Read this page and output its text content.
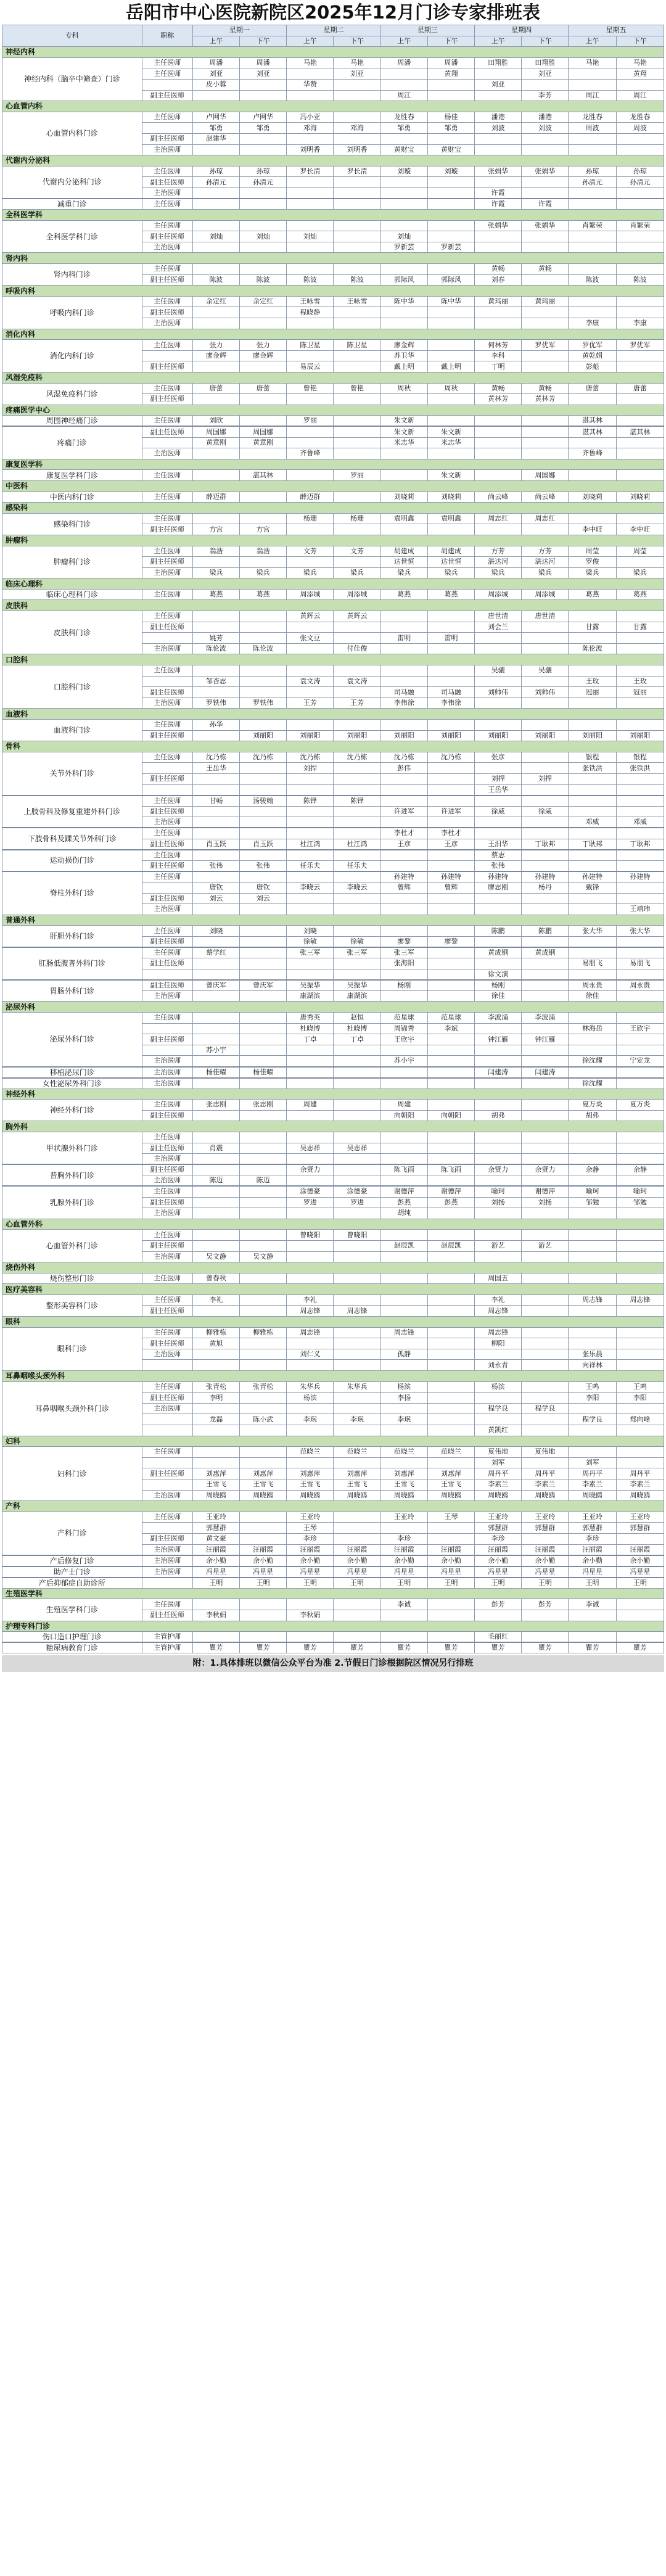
岳阳市中心医院新院区2025年12月门诊专家排班表
专科	职称	星期一		星期二		星期三		星期四		星期五	
		上午	下午	上午	下午	上午	下午	上午	下午	上午	下午
神经内科											
神经内科（脑卒中筛查）门诊	主任医师	周潘	周潘	马艳	马艳	周潘	周潘	田翔胜	田翔胜	马艳	马艳
	主任医师	刘亚	刘亚		刘亚		黄翔		刘亚		黄翔
		皮小蓉		华赞				刘亚			
	副主任医师					周江			李芳	周江	周江
心血管内科											
心血管内科门诊	主任医师	卢网华	卢网华	冯小亚		龙胜春	杨佳	潘港	潘港	龙胜春	龙胜春
		邹勇	邹勇	邓海	邓海	邹勇	邹勇	刘波	刘波	周波	周波
	副主任医师	赵建华									
	主治医师			刘明香	刘明香	黄财宝	黄财宝				
代谢内分泌科											
代谢内分泌科门诊	主任医师	孙琼	孙琼	罗长清	罗长清	刘璇	刘璇	张娟华	张娟华	孙琼	孙琼
	副主任医师	孙清元	孙清元							孙清元	孙清元
	主治医师							许霞			
减重门诊	主任医师							许霞	许霞		
全科医学科											
全科医学科门诊	主任医师							张娟华	张娟华	肖繁荣	肖繁荣
	副主任医师	刘灿	刘灿	刘灿		刘灿					
	主治医师					罗新芸	罗新芸				
肾内科											
肾内科门诊	主任医师							黄畅	黄畅		
	副主任医师	陈波	陈波	陈波	陈波	郭际风	郭际风	刘春		陈波	陈波
呼吸内科											
呼吸内科门诊	主任医师	余定红	余定红	王咏雪	王咏雪	陈中华	陈中华	黄玛丽	黄玛丽		
	副主任医师			程晓静							
	主治医师									李康	李康
消化内科											
消化内科门诊	主任医师	张力	张力	陈卫星	陈卫星	廖金辉		何林芳	罗优军	罗优军	罗优军
		廖金辉	廖金辉			苏卫华		李科		黄乾娟	
	副主任医师			易辰云		戴上明	戴上明	丁明		彭彪	
风湿免疫科											
风湿免疫科门诊	主任医师	唐蕾	唐蕾	曾艳	曾艳	周秋	周秋	黄畅	黄畅	唐蕾	唐蕾
	副主任医师							黄林芳	黄林芳		
疼痛医学中心											
周围神经痛门诊	主任医师	刘欣		罗丽		朱文新				湛其林	
疼痛门诊	副主任医师	周国娜	周国娜			朱文新	朱文新			湛其林	湛其林
		黄意刚	黄意刚			米志华	米志华				
	主治医师			齐鲁峰						齐鲁峰	
康复医学科											
康复医学科门诊	主任医师		湛其林		罗丽		朱文新		周国娜		
中医科											
中医内科门诊	主任医师	薛迈群		薛迈群		刘晓莉	刘晓莉	尚云峰	尚云峰	刘晓莉	刘晓莉
感染科											
感染科门诊	主任医师			杨珊	杨珊	袁明鑫	袁明鑫	周志红	周志红		
	副主任医师	方宫	方宫							李中旺	李中旺
肿瘤科											
肿瘤科门诊	主任医师	翁浩	翁浩	文芳	文芳	胡建成	胡建成	方芳	方芳	周莹	周莹
	副主任医师					达世恒	达世恒	湛达河	湛达河	罗俊	
	主治医师	梁兵	梁兵	梁兵	梁兵	梁兵	梁兵	梁兵	梁兵	梁兵	梁兵
临床心理科											
临床心理科门诊	主任医师	葛燕	葛燕	周添城	周添城	葛燕	葛燕	周添城	周添城	葛燕	葛燕
皮肤科											
皮肤科门诊	主任医师			黄辉云	黄辉云			唐世清	唐世清		
	副主任医师							刘会兰		甘露	甘露
		姚芳		张文豆		雷明	雷明				
	主治医师	陈伦波	陈伦波		付佳俊					陈伦波	
口腔科											
口腔科门诊	主任医师							吴骧	吴骧		
		邹杏志		袁文涛	袁文涛					王玫	王玫
	副主任医师					司马融	司马融	刘帅伟	刘帅伟	冠丽	冠丽
	主治医师	罗铁伟	罗铁伟	王芳	王芳	李伟徐	李伟徐				
血液科											
血液科门诊	主任医师	孙华									
	副主任医师		刘丽阳	刘丽阳	刘丽阳	刘丽阳	刘丽阳	刘丽阳	刘丽阳	刘丽阳	刘丽阳
骨科											
关节外科门诊	主任医师	沈乃栋	沈乃栋	沈乃栋	沈乃栋	沈乃栋	沈乃栋	张彦		银程	银程
		王岳华		刘捍		彭伟				张铁洪	张铁洪
	副主任医师							刘捍	刘捍		
								王岳华			
上肢骨科及修复重建外科门诊	主任医师	甘畅	汤骏翰	陈铎	陈铎						
	副主任医师					许进军	许进军	徐威	徐威		
	主治医师									邓威	邓威
下肢骨科及踝关节外科门诊	主任医师					李杜才	李杜才				
	副主任医师	肖玉跃	肖玉跃	杜江鸿	杜江鸿	王彦	王彦	王汨华	丁耿邦	丁耿邦	丁耿邦
运动损伤门诊	主任医师							蔡志			
	副主任医师	张伟	张伟	任乐夫	任乐夫			张伟			
脊柱外科门诊	主任医师					孙建特	孙建特	孙建特	孙建特	孙建特	孙建特
		唐钦	唐钦	李晓云	李晓云	曾辉	曾辉	廖志刚	杨丹	戴锋	
	副主任医师	刘云	刘云								
	主治医师										王靖玮
普通外科											
肝胆外科门诊	主任医师	刘晓		刘晓				陈鹏	陈鹏	张大华	张大华
	副主任医师			徐敏	徐敏	廖黎	廖黎				
肛肠低腹普外科门诊	主任医师	蔡学红		张三军	张三军	张三军		黄成钢	黄成钢		
	副主任医师					张海阳				易朋飞	易朋飞
								徐文演			
胃肠外科门诊	副主任医师	曾庆军	曾庆军	吴振华	吴振华	杨刚		杨刚		周永贵	周永贵
	主治医师			康湖滨	康湖滨			徐佳		徐佳	
泌尿外科											
泌尿外科门诊	主任医师			唐秀英	赵恒	范星球	范星球	李波涌	李波涌		
				杜晓博	杜晓博	周锦秀	李斌			林海岳	王欣宇
	副主任医师			丁卓	丁卓	王欣宇		钟江雁	钟江雁		
		苏小宇									
	主治医师					苏小宇				徐沈耀	宁定龙
移植泌尿门诊	主治医师	杨佳曜	杨佳曜					闫建涛	闫建涛		
女性泌尿外科门诊	主治医师									徐沈耀	
神经外科											
神经外科门诊	主任医师	张志刚	张志刚	周建		周建				夏万炎	夏万炎
	副主任医师					向朝阳	向朝阳	胡弗		胡弗	
胸外科											
甲状腺外科门诊	主任医师										
	副主任医师	肖震		吴志祥	吴志祥						
	主治医师										
普胸外科门诊	副主任医师			余贤力		陈飞雨	陈飞雨	余贤力	余贤力	余静	余静
	主治医师	陈迈	陈迈								
乳腺外科门诊	主任医师			涂德豪	涂德豪	谢德萍	谢德萍	喻珂	谢德萍	喻珂	喻珂
	副主任医师			罗进	罗进	彭燕	彭燕	刘扬	刘扬	邹勉	邹勉
	主治医师					胡纯					
心血管外科											
心血管外科门诊	主任医师			曾晓阳	曾晓阳						
	副主任医师					赵辰凯	赵辰凯	游艺	游艺		
	主治医师	吴文静	吴文静								
烧伤外科											
烧伤整形门诊	主任医师	曾春秋						周国五			
医疗美容科											
整形美容科门诊	主任医师	李礼		李礼				李礼		周志锋	周志锋
	副主任医师			周志锋	周志锋			周志锋			
眼科											
眼科门诊	主任医师	柳雅栋	柳雅栋	周志锋		周志锋		周志锋			
	副主任医师	黄旭						柳阳			
	主治医师			刘仁义		孤静				张乐晨	
								刘永青		向祥林	
耳鼻咽喉头颈外科											
耳鼻咽喉头颈外科门诊	主任医师	张青松	张青松	朱华兵	朱华兵	杨滨		杨滨		王鸣	王鸣
	副主任医师	李明		杨滨		李扬				李阳	李阳
	主治医师							程学良	程学良		
		龙磊	陈小武	李珉	李珉	李珉				程学良	郑向峰
								黄凯红			
妇科											
妇科门诊	主任医师			范晓兰	范晓兰	范晓兰	范晓兰	夏伟地	夏伟地		
								刘军		刘军	
	副主任医师	刘惠萍	刘惠萍	刘惠萍	刘惠萍	刘惠萍	刘惠萍	周丹平	周丹平	周丹平	周丹平
		王雪飞	王雪飞	王雪飞	王雪飞	王雪飞	王雪飞	李素兰	李素兰	李素兰	李素兰
	主治医师	周晓鸥	周晓鸥	周晓鸥	周晓鸥	周晓鸥	周晓鸥	周晓鸥	周晓鸥	周晓鸥	周晓鸥
产科											
产科门诊	主任医师	王亚玲		王亚玲		王亚玲	王琴	王亚玲	王亚玲	王亚玲	王亚玲
		郭慧群		王琴				郭慧群	郭慧群	郭慧群	郭慧群
	副主任医师	黄文豪		李珍		李珍		李珍		李珍	
	主治医师	汪丽霞	汪丽霞	汪丽霞	汪丽霞	汪丽霞	汪丽霞	汪丽霞	汪丽霞	汪丽霞	汪丽霞
产后修复门诊	主治医师	余小勤	余小勤	余小勤	余小勤	余小勤	余小勤	余小勤	余小勤	余小勤	余小勤
助产士门诊	主治医师	冯星星	冯星星	冯星星	冯星星	冯星星	冯星星	冯星星	冯星星	冯星星	冯星星
产后抑郁症自助诊所		王明	王明	王明	王明	王明	王明	王明	王明	王明	王明
生殖医学科											
生殖医学科门诊	主任医师					李诚		彭芳	彭芳	李诚	
	副主任医师	李秋娟		李秋娟							
护理专科门诊											
伤口造口护理门诊	主管护师							毛丽红			
糖尿病教育门诊	主管护师	瞿芳	瞿芳	瞿芳	瞿芳	瞿芳	瞿芳	瞿芳	瞿芳	瞿芳	瞿芳
附：1.具体排班以微信公众平台为准 2.节假日门诊根据院区情况另行排班
